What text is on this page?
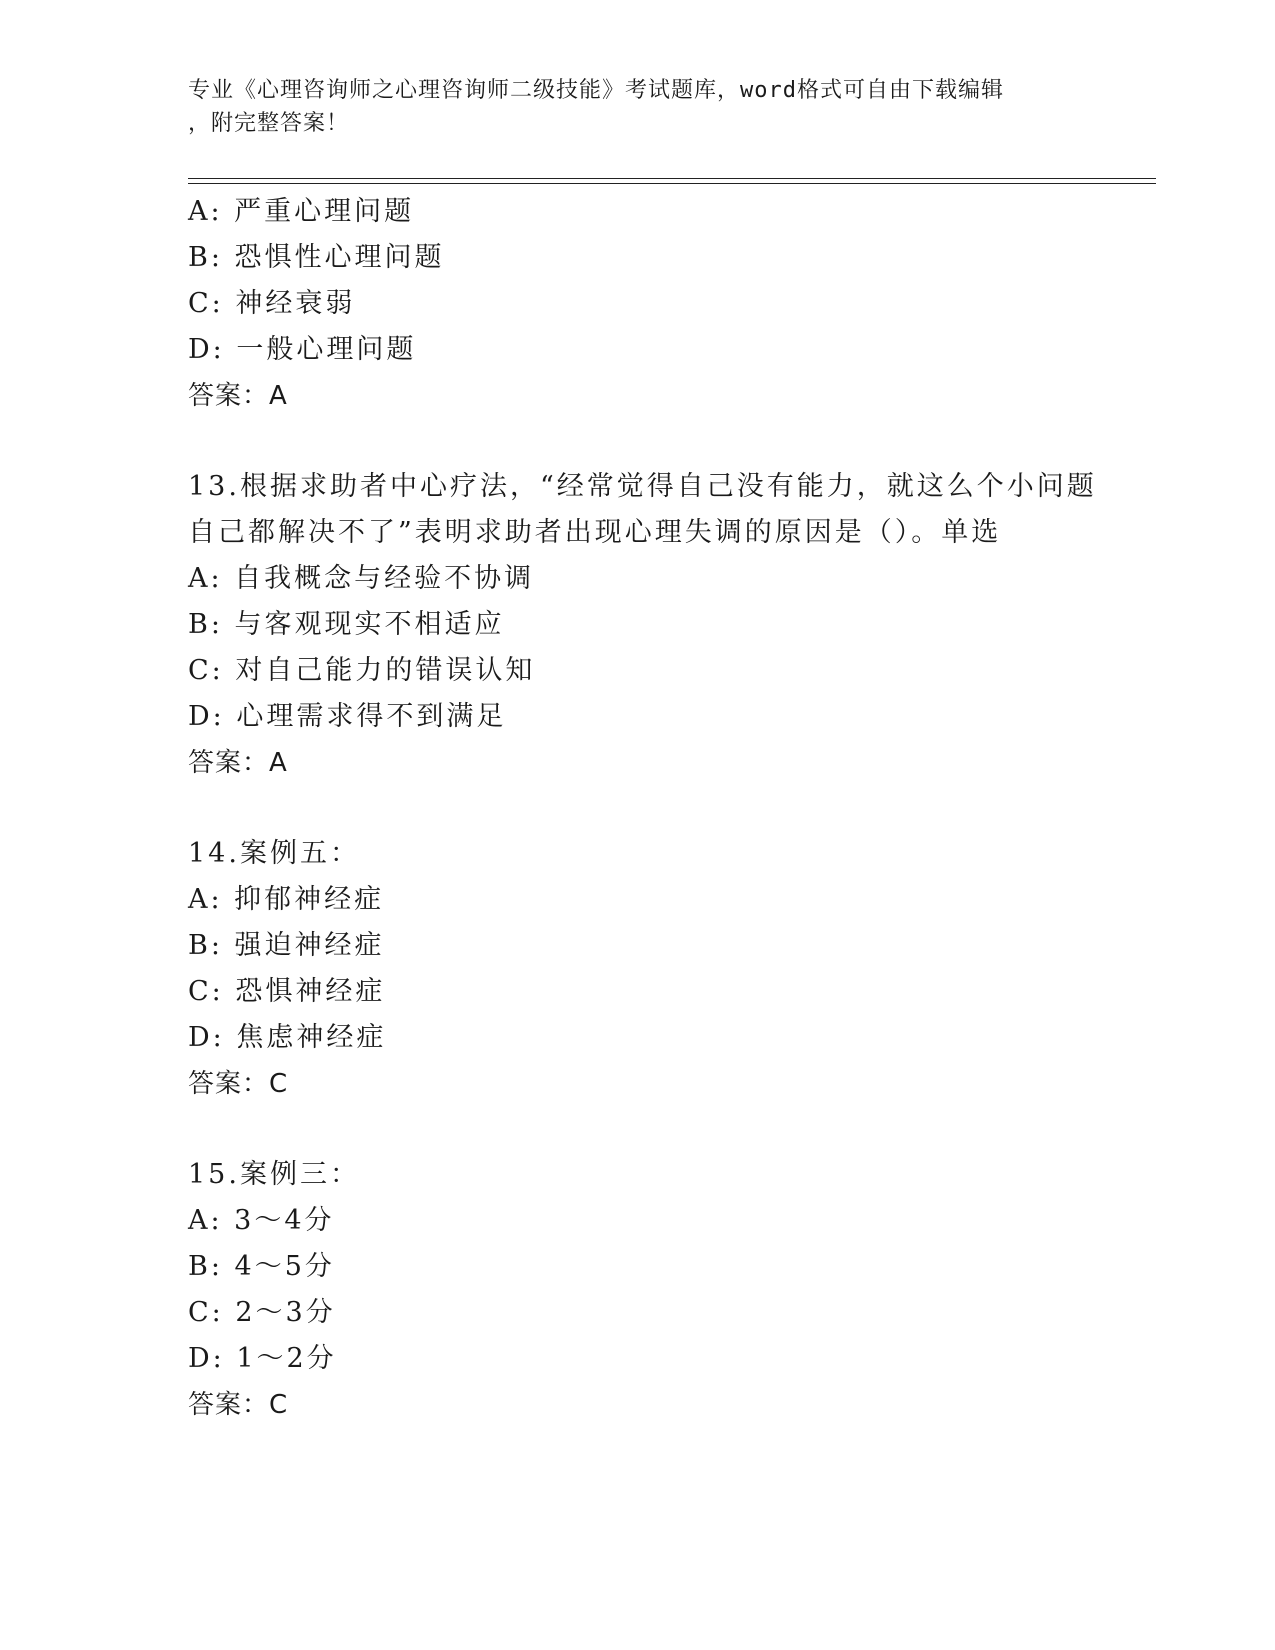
专业《心理咨询师之心理咨询师二级技能》考试题库，word格式可自由下载编辑
，附完整答案！
A: 严重心理问题
B: 恐惧性心理问题
C: 神经衰弱
D: 一般心理问题
答案：A
13.根据求助者中心疗法，“经常觉得自己没有能力，就这么个小问题
自己都解决不了”表明求助者出现心理失调的原因是（）。单选
A: 自我概念与经验不协调
B: 与客观现实不相适应
C: 对自己能力的错误认知
D: 心理需求得不到满足
答案：A
14.案例五：
A: 抑郁神经症
B: 强迫神经症
C: 恐惧神经症
D: 焦虑神经症
答案：C
15.案例三：
A: 3～4分
B: 4～5分
C: 2～3分
D: 1～2分
答案：C
